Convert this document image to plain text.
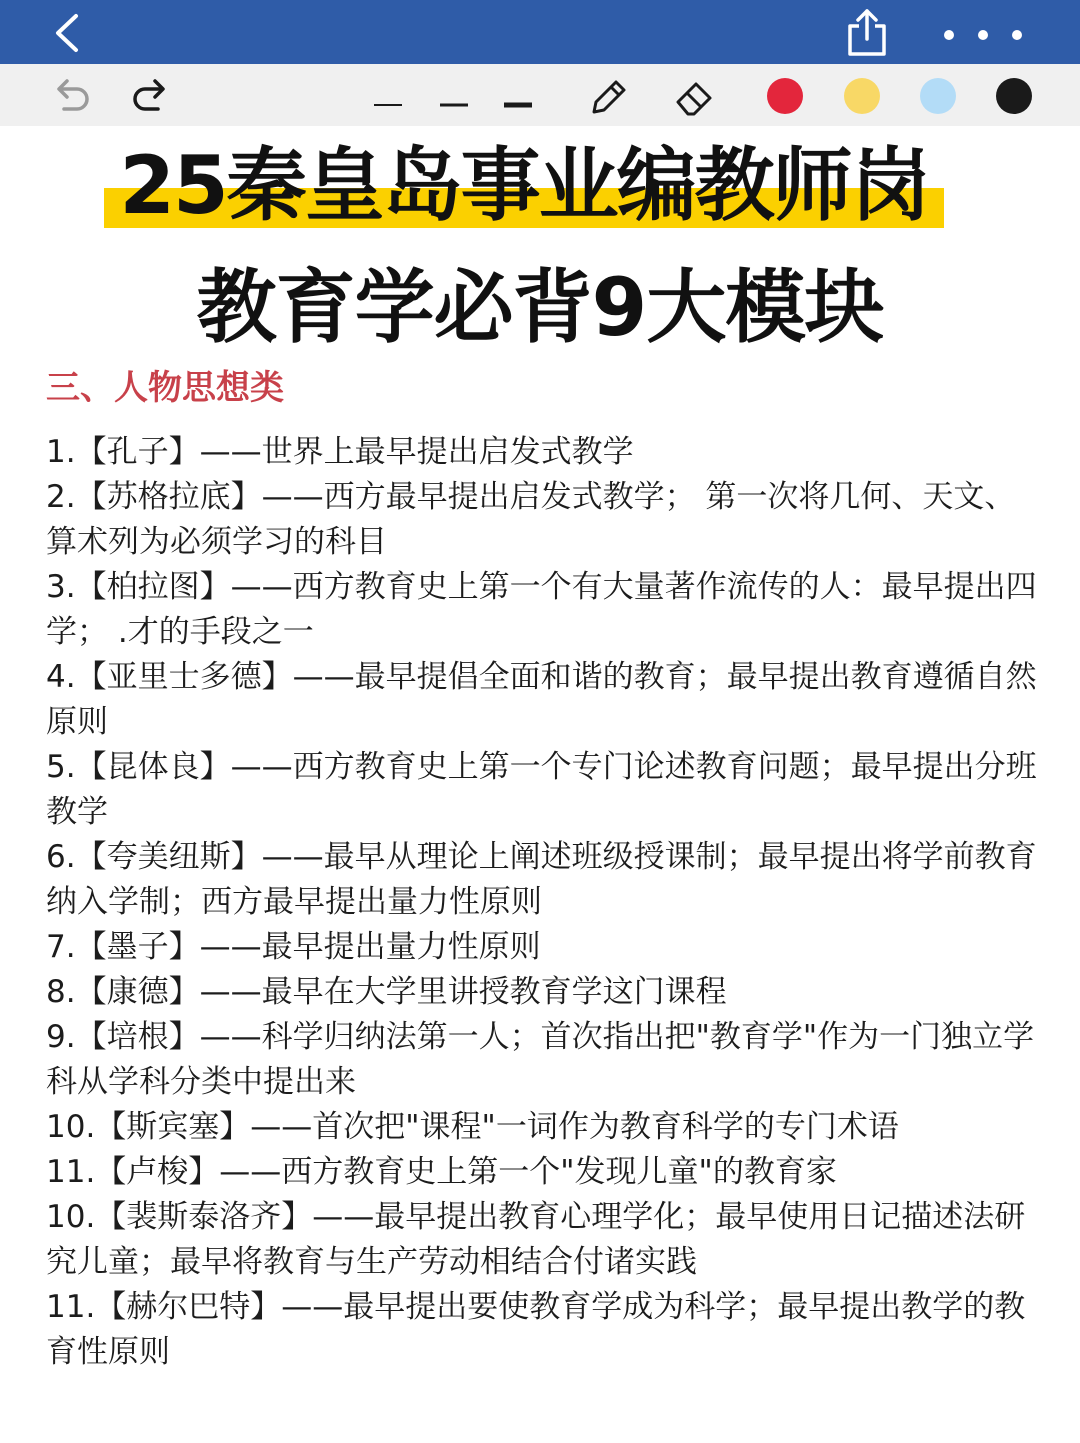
25秦皇岛事业编教师岗
教育学必背9大模块
三、人物思想类

1.【孔子】——世界上最早提出启发式教学

2.【苏格拉底】——西方最早提出启发式教学； 第一次将几何、天文、算术列为必须学习的科目

3.【柏拉图】——西方教育史上第一个有大量著作流传的人：最早提出四学； .才的手段之一

4.【亚里士多德】——最早提倡全面和谐的教育；最早提出教育遵循自然原则

5.【昆体良】——西方教育史上第一个专门论述教育问题；最早提出分班教学

6.【夸美纽斯】——最早从理论上阐述班级授课制；最早提出将学前教育纳入学制；西方最早提出量力性原则

7.【墨子】——最早提出量力性原则

8.【康德】——最早在大学里讲授教育学这门课程

9.【培根】——科学归纳法第一人；首次指出把"教育学"作为一门独立学科从学科分类中提出来

10.【斯宾塞】——首次把"课程"一词作为教育科学的专门术语

11.【卢梭】——西方教育史上第一个"发现儿童"的教育家

10.【裴斯泰洛齐】——最早提出教育心理学化；最早使用日记描述法研究儿童；最早将教育与生产劳动相结合付诸实践

11.【赫尔巴特】——最早提出要使教育学成为科学；最早提出教学的教育性原则
